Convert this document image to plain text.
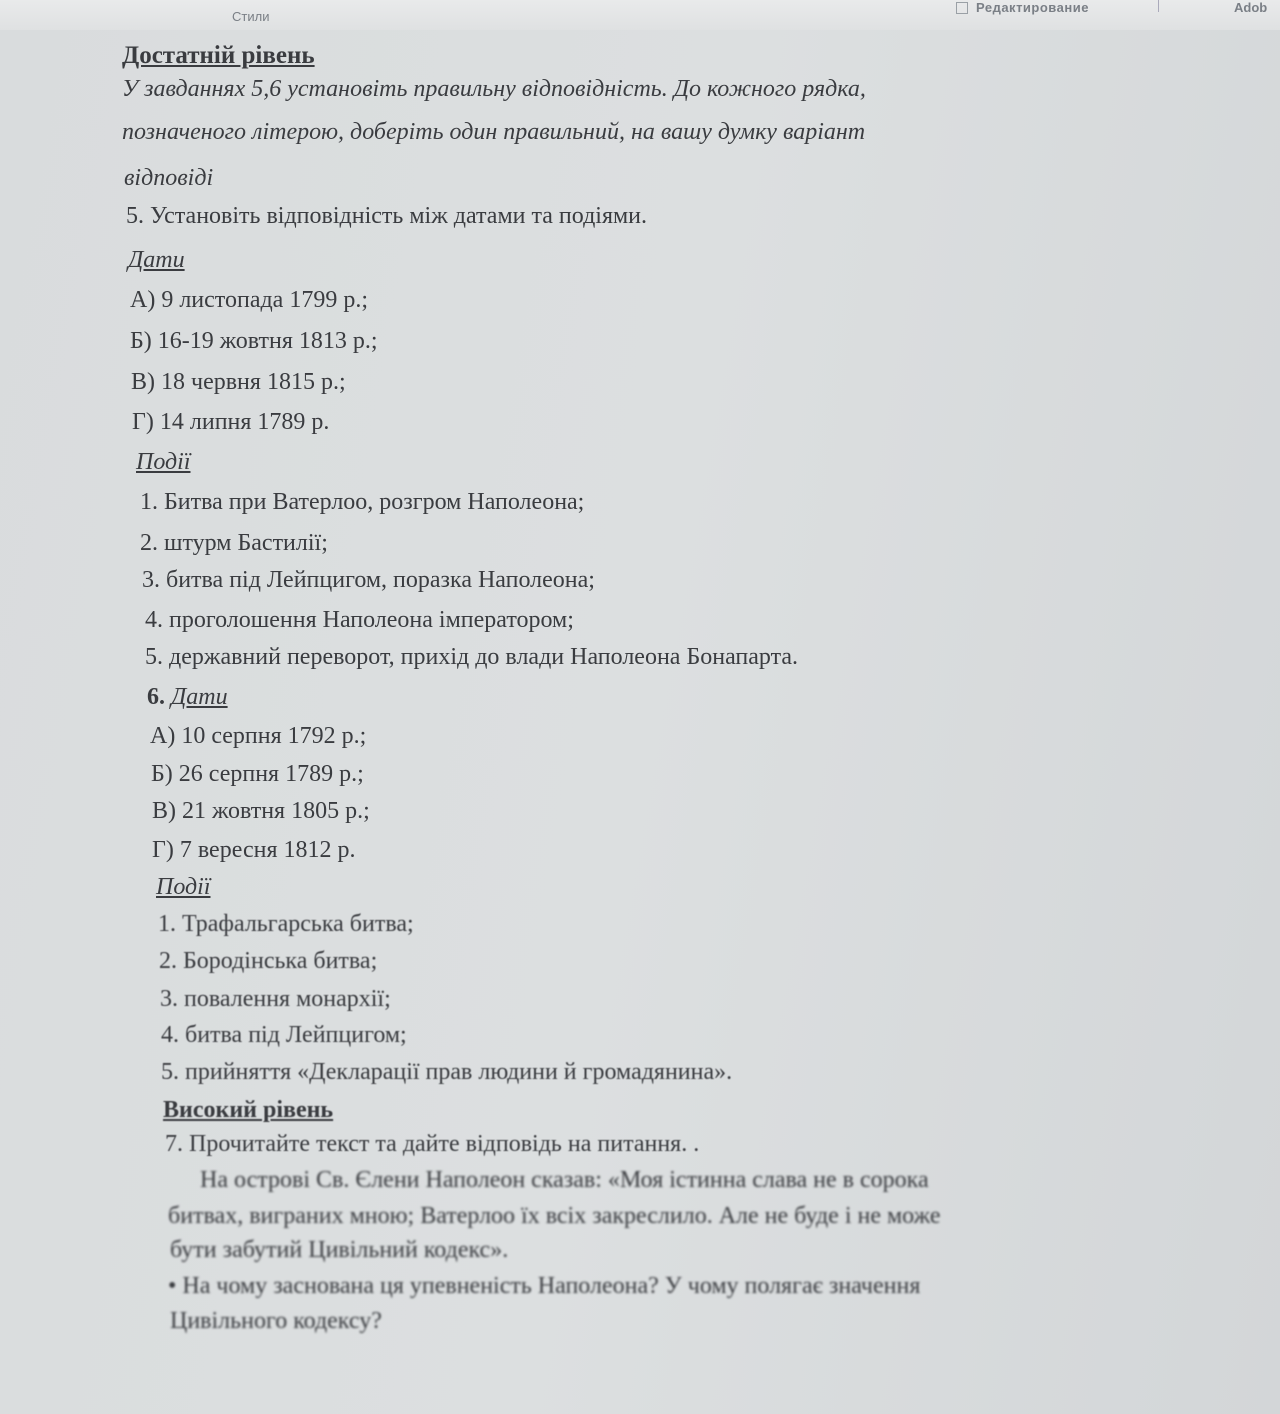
Стили
Редактирование	Adob
Достатній рівень
У завданнях 5,6 установіть правильну відповідність. До кожного рядка,
позначеного літерою, доберіть один правильний, на вашу думку варіант
відповіді
5. Установіть відповідність між датами та подіями.
Дати
А) 9 листопада 1799 р.;
Б) 16-19 жовтня 1813 р.;
В) 18 червня 1815 р.;
Г) 14 липня 1789 р.
Події
1. Битва при Ватерлоо, розгром Наполеона;
2. штурм Бастилії;
3. битва під Лейпцигом, поразка Наполеона;
4. проголошення Наполеона імператором;
5. державний переворот, прихід до влади Наполеона Бонапарта.
6. Дати
А) 10 серпня 1792 р.;
Б) 26 серпня 1789 р.;
В) 21 жовтня 1805 р.;
Г) 7 вересня 1812 р.
Події
1. Трафальгарська битва;
2. Бородінська битва;
3. повалення монархії;
4. битва під Лейпцигом;
5. прийняття «Декларації прав людини й громадянина».
Високий рівень
7. Прочитайте текст та дайте відповідь на питання. .
На острові Св. Єлени Наполеон сказав: «Моя істинна слава не в сорока
битвах, виграних мною; Ватерлоо їх всіх закреслило. Але не буде і не може
бути забутий Цивільний кодекс».
• На чому заснована ця упевненість Наполеона? У чому полягає значення
Цивільного кодексу?
